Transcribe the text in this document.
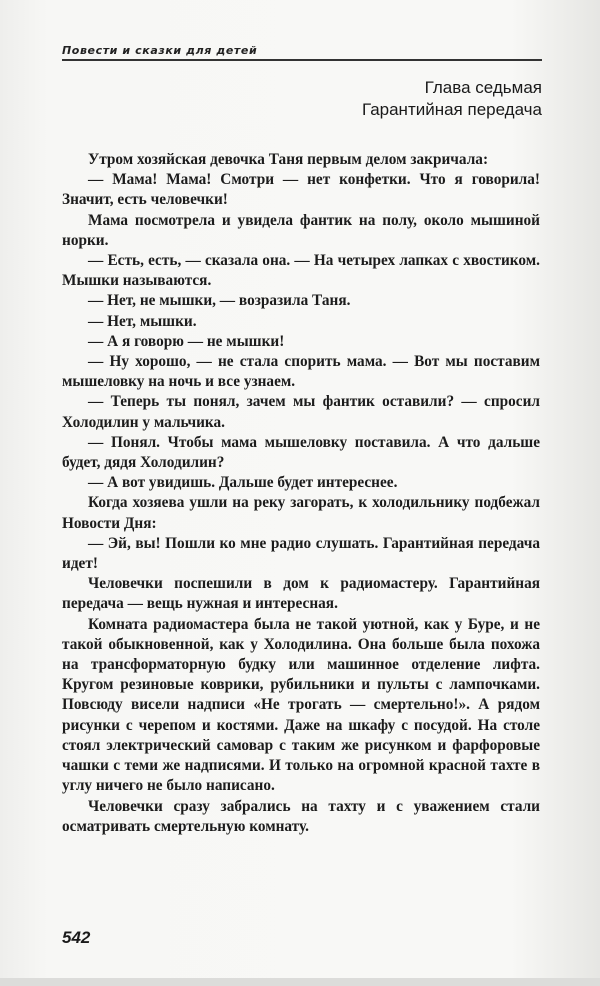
Повести и сказки для детей
Глава седьмая
Гарантийная передача

Утром хозяйская девочка Таня первым делом закричала:

— Мама! Мама! Смотри — нет конфетки. Что я говорила! Значит, есть человечки!

Мама посмотрела и увидела фантик на полу, около мышиной норки.

— Есть, есть, — сказала она. — На четырех лапках с хвостиком. Мышки называются.

— Нет, не мышки, — возразила Таня.

— Нет, мышки.

— А я говорю — не мышки!

— Ну хорошо, — не стала спорить мама. — Вот мы поставим мышеловку на ночь и все узнаем.

— Теперь ты понял, зачем мы фантик оставили? — спросил Холодилин у мальчика.

— Понял. Чтобы мама мышеловку поставила. А что дальше будет, дядя Холодилин?

— А вот увидишь. Дальше будет интереснее.

Когда хозяева ушли на реку загорать, к холодильнику подбежал Новости Дня:

— Эй, вы! Пошли ко мне радио слушать. Гарантийная передача идет!

Человечки поспешили в дом к радиомастеру. Гарантийная передача — вещь нужная и интересная.

Комната радиомастера была не такой уютной, как у Буре, и не такой обыкновенной, как у Холодилина. Она больше была похожа на трансформаторную будку или машинное отделение лифта. Кругом резиновые коврики, рубильники и пульты с лампочками. Повсюду висели надписи «Не трогать — смертельно!». А рядом рисунки с черепом и костями. Даже на шкафу с посудой. На столе стоял электрический самовар с таким же рисунком и фарфоровые чашки с теми же надписями. И только на огромной красной тахте в углу ничего не было написано.

Человечки сразу забрались на тахту и с уважением стали осматривать смертельную комнату.

542
